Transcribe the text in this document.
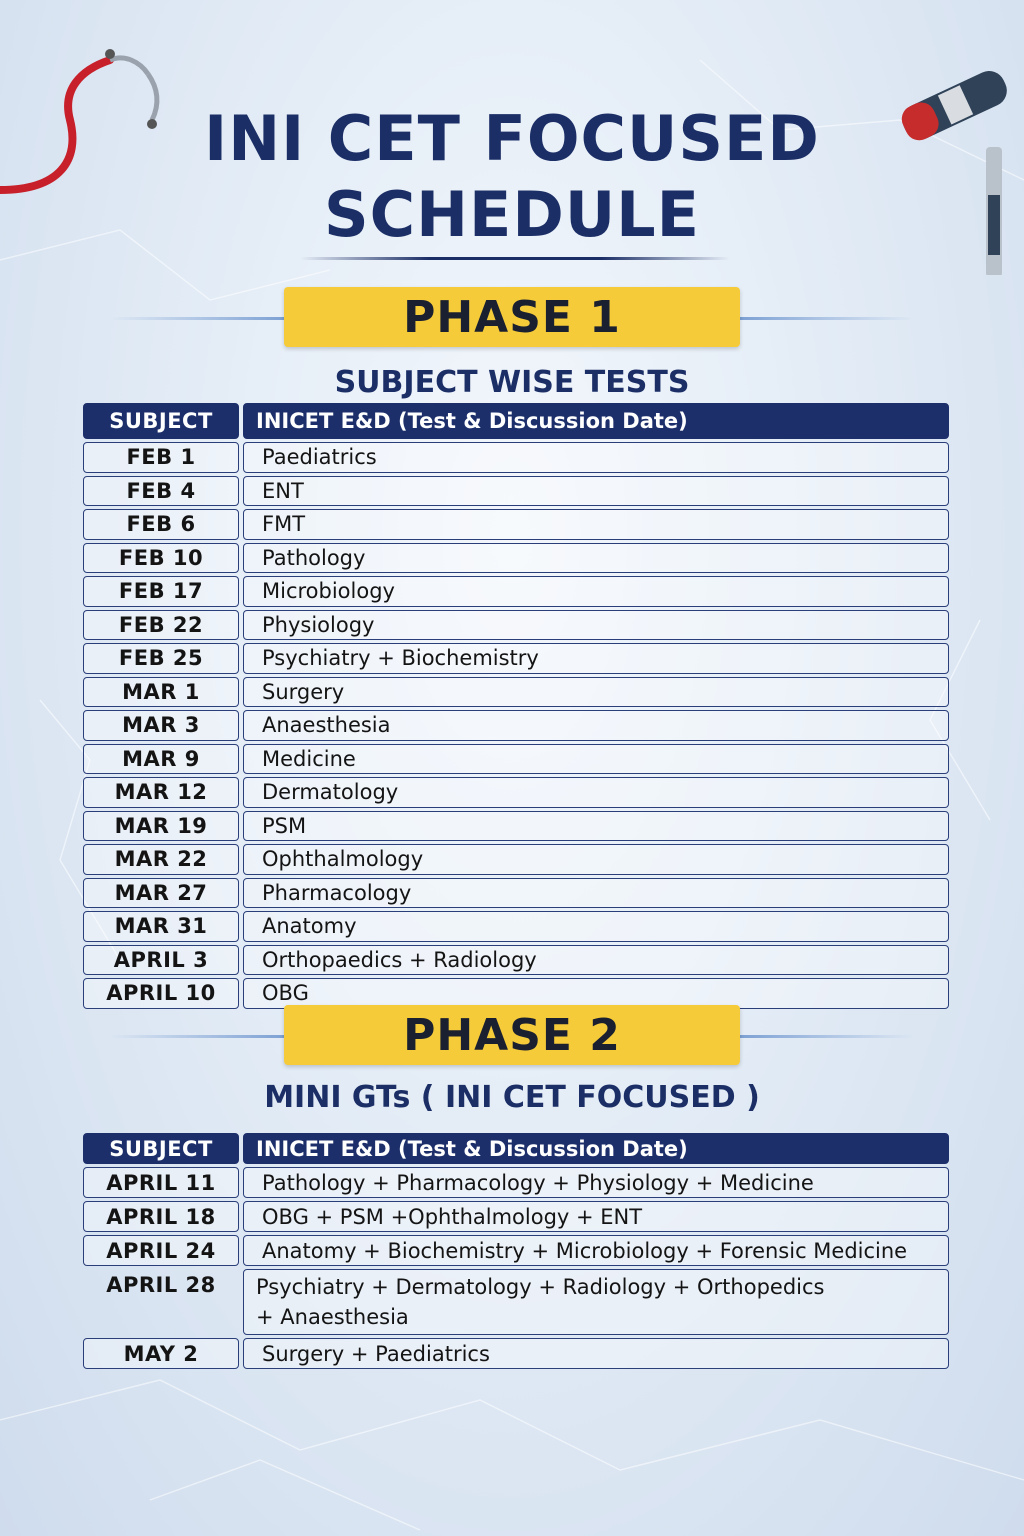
INI CET FOCUSED
SCHEDULE
PHASE 1
SUBJECT WISE TESTS
SUBJECT	INICET E&D (Test & Discussion Date)
FEB 1	Paediatrics
FEB 4	ENT
FEB 6	FMT
FEB 10	Pathology
FEB 17	Microbiology
FEB 22	Physiology
FEB 25	Psychiatry + Biochemistry
MAR 1	Surgery
MAR 3	Anaesthesia
MAR 9	Medicine
MAR 12	Dermatology
MAR 19	PSM
MAR 22	Ophthalmology
MAR 27	Pharmacology
MAR 31	Anatomy
APRIL 3	Orthopaedics + Radiology
APRIL 10	OBG
PHASE 2
MINI GTs ( INI CET FOCUSED )
SUBJECT	INICET E&D (Test & Discussion Date)
APRIL 11	Pathology + Pharmacology + Physiology + Medicine
APRIL 18	OBG + PSM +Ophthalmology + ENT
APRIL 24	Anatomy + Biochemistry + Microbiology + Forensic Medicine
APRIL 28	Psychiatry + Dermatology + Radiology + Orthopedics
+ Anaesthesia
MAY 2	Surgery + Paediatrics
